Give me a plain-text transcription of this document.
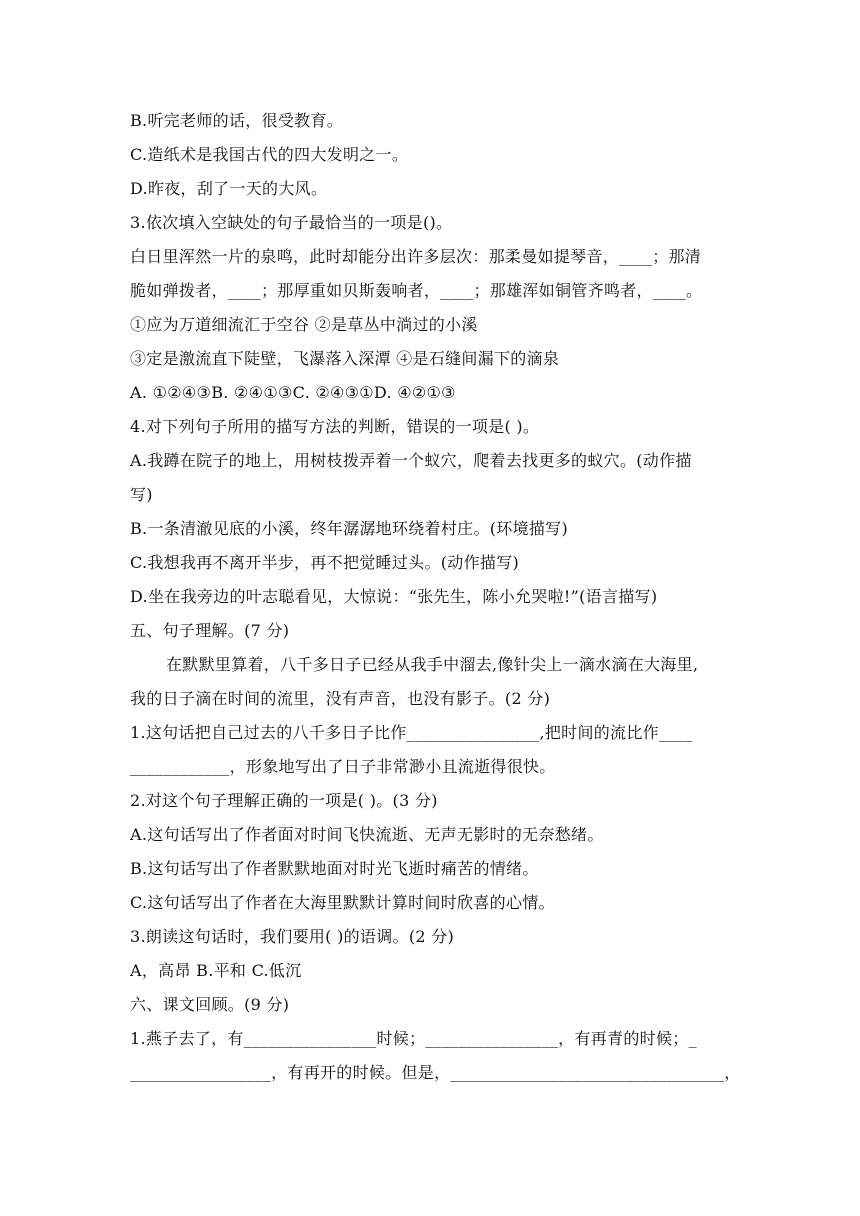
B.听完老师的话，很受教育。
C.造纸术是我国古代的四大发明之一。
D.昨夜，刮了一天的大风。
3.依次填入空缺处的句子最恰当的一项是()。
白日里浑然一片的泉鸣，此时却能分出许多层次：那柔曼如提琴音，____；那清
脆如弹拨者，____；那厚重如贝斯轰响者，____；那雄浑如铜管齐鸣者，____。
①应为万道细流汇于空谷 ②是草丛中淌过的小溪
③定是激流直下陡壁，飞瀑落入深潭 ④是石缝间漏下的滴泉
A. ①②④③B. ②④①③C. ②④③①D. ④②①③
4.对下列句子所用的描写方法的判断，错误的一项是( )。
A.我蹲在院子的地上，用树枝拨弄着一个蚁穴，爬着去找更多的蚁穴。(动作描
写)
B.一条清澈见底的小溪，终年潺潺地环绕着村庄。(环境描写)
C.我想我再不离开半步，再不把觉睡过头。(动作描写)
D.坐在我旁边的叶志聪看见，大惊说：“张先生，陈小允哭啦!”(语言描写)
五、句子理解。(7 分)
在默默里算着，八千多日子已经从我手中溜去,像针尖上一滴水滴在大海里,
我的日子滴在时间的流里，没有声音，也没有影子。(2 分)
1.这句话把自己过去的八千多日子比作________________,把时间的流比作____
____________，形象地写出了日子非常渺小且流逝得很快。
2.对这个句子理解正确的一项是( )。(3 分)
A.这句话写出了作者面对时间飞快流逝、无声无影时的无奈愁绪。
B.这句话写出了作者默默地面对时光飞逝时痛苦的情绪。
C.这句话写出了作者在大海里默默计算时间时欣喜的心情。
3.朗读这句话时，我们要用( )的语调。(2 分)
A，高昂 B.平和 C.低沉
六、课文回顾。(9 分)
1.燕子去了，有________________时候；________________，有再青的时候；_
_________________，有再开的时候。但是，_________________________________，
